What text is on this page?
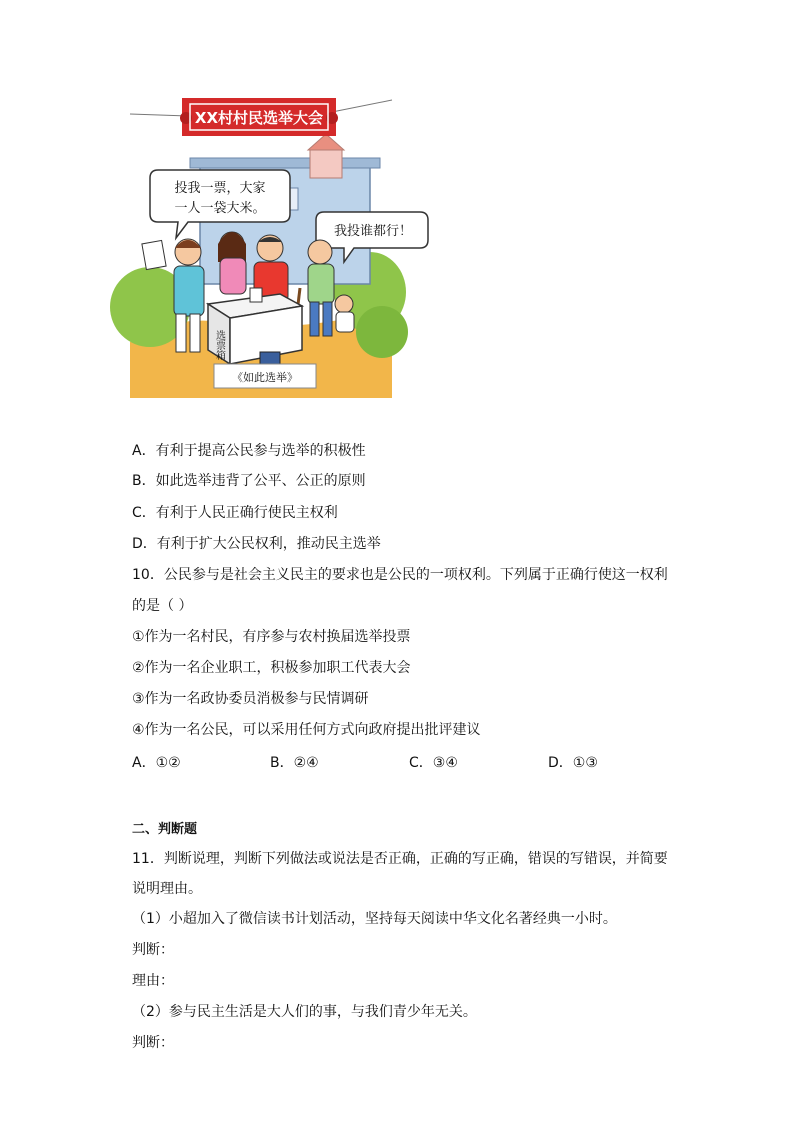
XX村村民选举大会
投我一票，大家
一人一袋大米。
我投谁都行！
选票箱
《如此选举》
A．有利于提高公民参与选举的积极性
B．如此选举违背了公平、公正的原则
C．有利于人民正确行使民主权利
D．有利于扩大公民权利，推动民主选举
10．公民参与是社会主义民主的要求也是公民的一项权利。下列属于正确行使这一权利
的是（ ）
①作为一名村民，有序参与农村换届选举投票
②作为一名企业职工，积极参加职工代表大会
③作为一名政协委员消极参与民情调研
④作为一名公民，可以采用任何方式向政府提出批评建议
A．①②	B．②④	C．③④	D．①③
二、判断题
11．判断说理，判断下列做法或说法是否正确，正确的写正确，错误的写错误，并简要
说明理由。
（1）小超加入了微信读书计划活动，坚持每天阅读中华文化名著经典一小时。
判断：
理由：
（2）参与民主生活是大人们的事，与我们青少年无关。
判断：
